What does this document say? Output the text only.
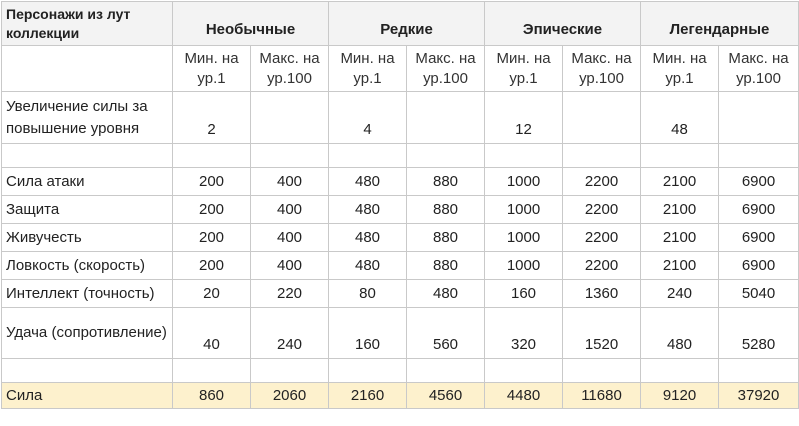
Персонажи из лут коллекции	Необычные		Редкие		Эпические		Легендарные	
	Мин. на ур.1	Макс. на ур.100	Мин. на ур.1	Макс. на ур.100	Мин. на ур.1	Макс. на ур.100	Мин. на ур.1	Макс. на ур.100
Увеличение силы за повышение уровня	2		4		12		48	

Сила атаки	200	400	480	880	1000	2200	2100	6900
Защита	200	400	480	880	1000	2200	2100	6900
Живучесть	200	400	480	880	1000	2200	2100	6900
Ловкость (скорость)	200	400	480	880	1000	2200	2100	6900
Интеллект (точность)	20	220	80	480	160	1360	240	5040
Удача (сопротивление)	40	240	160	560	320	1520	480	5280

Сила	860	2060	2160	4560	4480	11680	9120	37920
